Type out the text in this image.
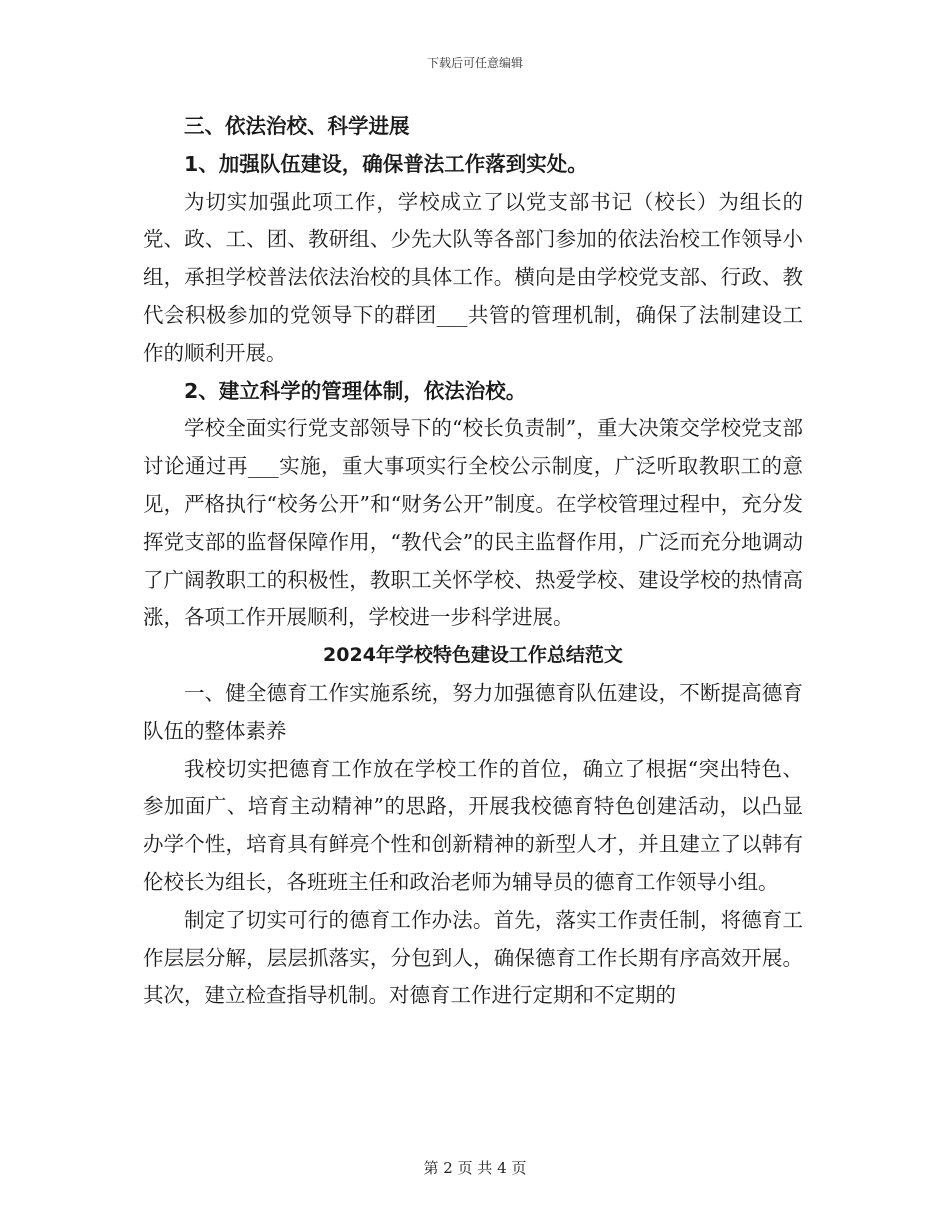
下载后可任意编辑

三、依法治校、科学进展

1、加强队伍建设，确保普法工作落到实处。

为切实加强此项工作，学校成立了以党支部书记（校长）为组长的党、政、工、团、教研组、少先大队等各部门参加的依法治校工作领导小组，承担学校普法依法治校的具体工作。横向是由学校党支部、行政、教代会积极参加的党领导下的群团___共管的管理机制，确保了法制建设工作的顺利开展。

2、建立科学的管理体制，依法治校。

学校全面实行党支部领导下的“校长负责制”，重大决策交学校党支部讨论通过再___实施，重大事项实行全校公示制度，广泛听取教职工的意见，严格执行“校务公开”和“财务公开”制度。在学校管理过程中，充分发挥党支部的监督保障作用，“教代会”的民主监督作用，广泛而充分地调动了广阔教职工的积极性，教职工关怀学校、热爱学校、建设学校的热情高涨，各项工作开展顺利，学校进一步科学进展。

2024年学校特色建设工作总结范文

一、健全德育工作实施系统，努力加强德育队伍建设，不断提高德育队伍的整体素养

我校切实把德育工作放在学校工作的首位，确立了根据“突出特色、参加面广、培育主动精神”的思路，开展我校德育特色创建活动，以凸显办学个性，培育具有鲜亮个性和创新精神的新型人才，并且建立了以韩有伦校长为组长，各班班主任和政治老师为辅导员的德育工作领导小组。

制定了切实可行的德育工作办法。首先，落实工作责任制，将德育工作层层分解，层层抓落实，分包到人，确保德育工作长期有序高效开展。其次，建立检查指导机制。对德育工作进行定期和不定期的

第 2 页 共 4 页
